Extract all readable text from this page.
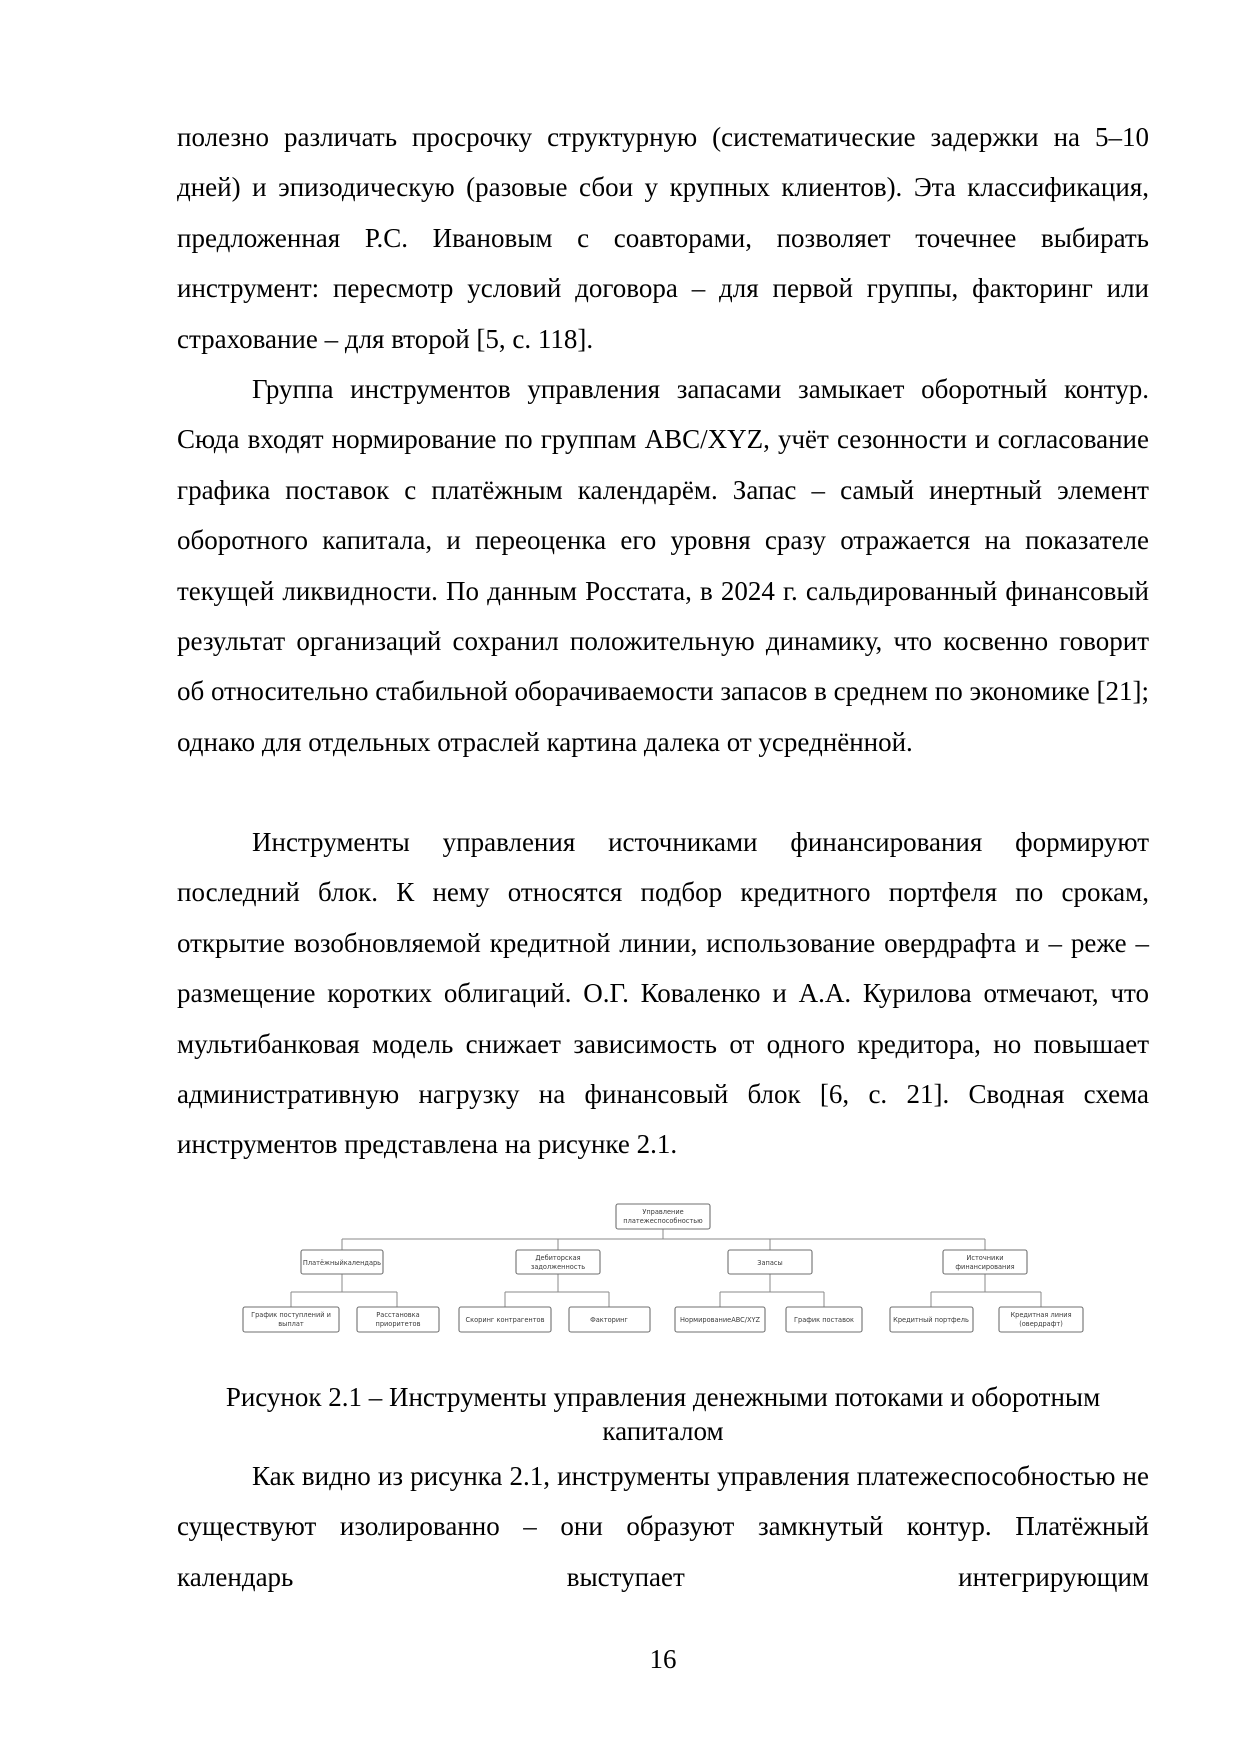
полезно различать просрочку структурную (систематические задержки на 5–10 дней) и эпизодическую (разовые сбои у крупных клиентов). Эта классификация, предложенная Р.С. Ивановым с соавторами, позволяет точечнее выбирать инструмент: пересмотр условий договора – для первой группы, факторинг или страхование – для второй [5, с. 118].

Группа инструментов управления запасами замыкает оборотный контур. Сюда входят нормирование по группам ABC/XYZ, учёт сезонности и согласование графика поставок с платёжным календарём. Запас – самый инертный элемент оборотного капитала, и переоценка его уровня сразу отражается на показателе текущей ликвидности. По данным Росстата, в 2024 г. сальдированный финансовый результат организаций сохранил положительную динамику, что косвенно говорит об относительно стабильной оборачиваемости запасов в среднем по экономике [21]; однако для отдельных отраслей картина далека от усреднённой.

Инструменты управления источниками финансирования формируют последний блок. К нему относятся подбор кредитного портфеля по срокам, открытие возобновляемой кредитной линии, использование овердрафта и – реже – размещение коротких облигаций. О.Г. Коваленко и А.А. Курилова отмечают, что мультибанковая модель снижает зависимость от одного кредитора, но повышает административную нагрузку на финансовый блок [6, с. 21]. Сводная схема инструментов представлена на рисунке 2.1.

Управление
платежеспособностью
Платёжныйкалендарь
Дебиторская
задолженность	Запасы
Источники
финансирования
График поступлений и
выплат
Расстановка
приоритетов	Скоринг контрагентов	Факторинг	НормированиеABC/XYZ	График поставок	Кредитный портфель
Кредитная линия
(овердрафт)

Рисунок 2.1 – Инструменты управления денежными потоками и оборотным капиталом

Как видно из рисунка 2.1, инструменты управления платежеспособностью не существуют изолированно – они образуют замкнутый контур. Платёжный календарь выступает интегрирующим

16
